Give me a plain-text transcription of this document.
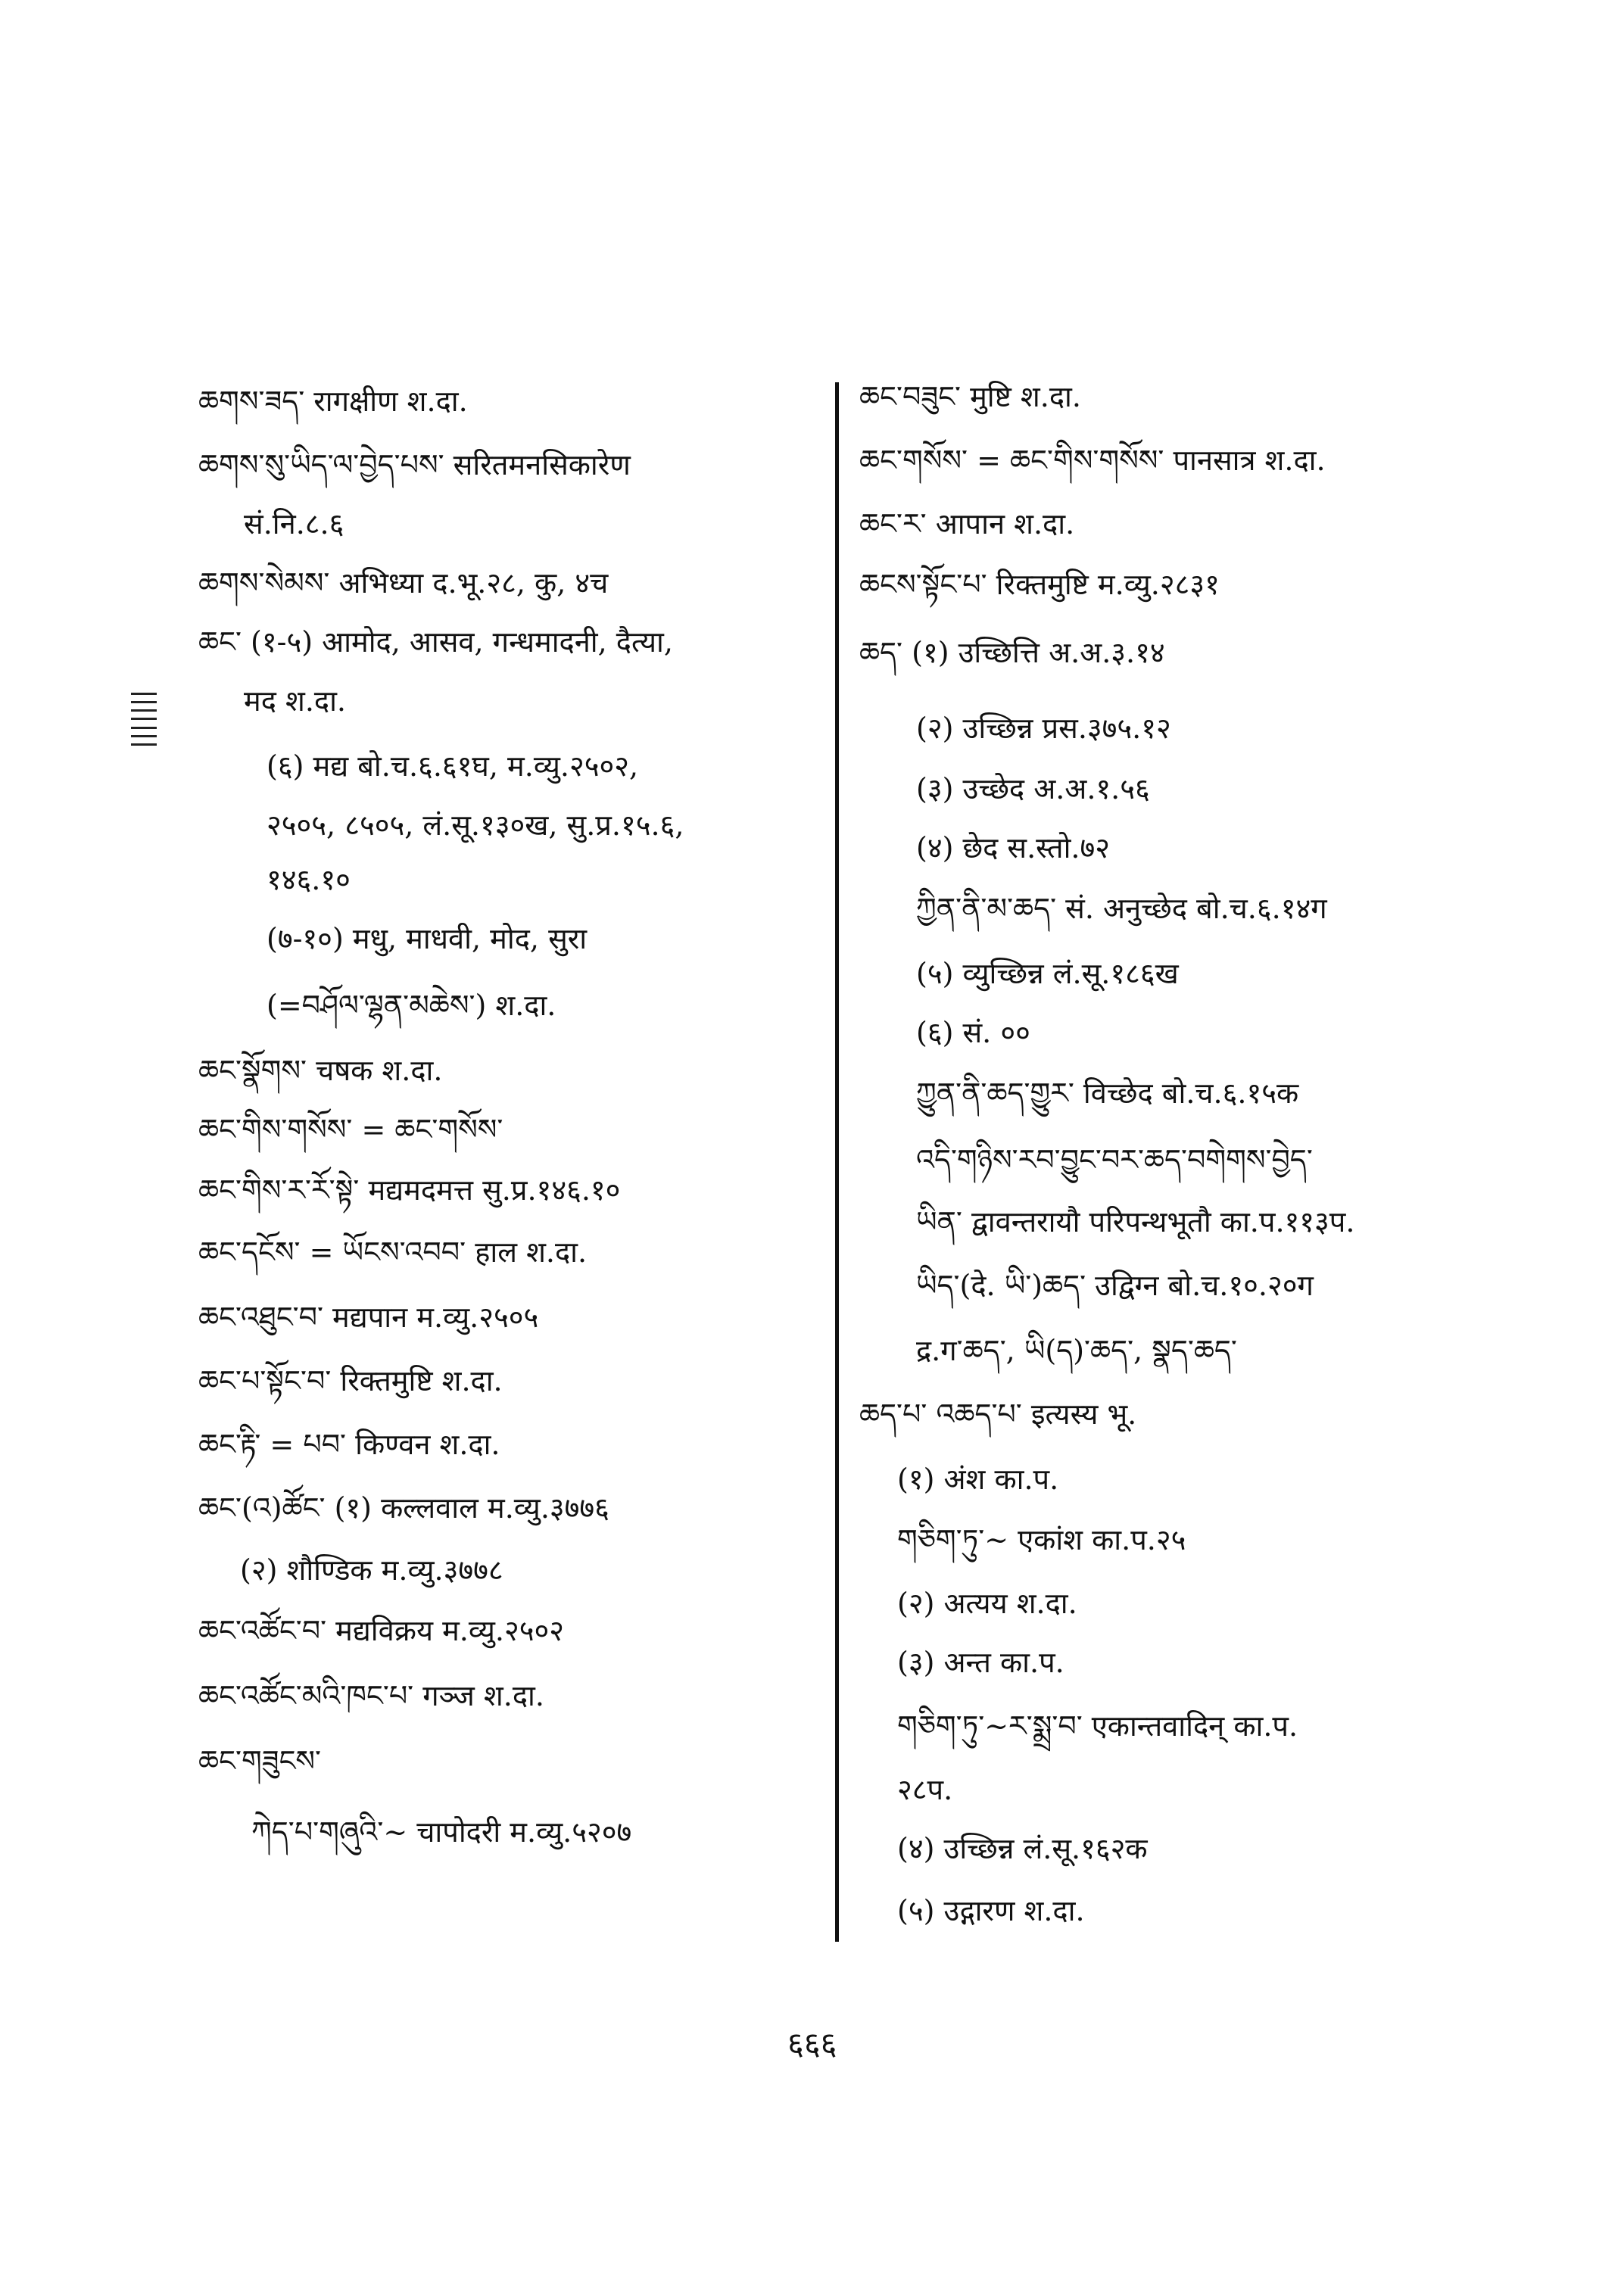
ཆགས་ཟད་ रागक्षीण श.दा.
ཆགས་སུ་ཡིད་ལ་བྱེད་པས་ सरितमनसिकारेण
सं.नि.८.६
ཆགས་སེམས་ अभिध्या द.भू.२८, कु, ४च
ཆང་ (१-५) आमोद, आसव, गन्धमादनी, दैत्या,
मद श.दा.
(६) मद्य बो.च.६.६१घ, म.व्यु.२५०२,
२५०५, ८५०५, लं.सू.१३०ख, सु.प्र.१५.६,
१४६.१०
(७-१०) मधु, माधवी, मोद, सुरा
(=བཤོལ་ལྷན་མཆེས་) श.दा.
ཆང་སྣོགས་ चषक श.दा.
ཆང་གིས་གསོས་ = ཆང་གསོས་
ཆང་གིས་ར་རོ་སྟེ་ मद्यमदमत्त सु.प्र.१४६.१०
ཆང་དངོས་ = ཡོངས་འབབ་ हाल श.दा.
ཆང་འཐུང་བ་ मद्यपान म.व्यु.२५०५
ཆང་པ་སྟོང་བ་ रिक्तमुष्टि श.दा.
ཆང་རྟི་ = པབ་ किण्वन श.दा.
ཆང་(འ)ཚོང་ (१) कल्लवाल म.व्यु.३७७६
(२) शौण्डिक म.व्यु.३७७८
ཆང་འཚོང་བ་ मद्यविक्रय म.व्यु.२५०२
ཆང་འཚོང་མའི་ཁང་པ་ गञ्ज श.दा.
ཆང་གཟུངས་
ཀེད་པ་གཞུའི་~ चापोदरी म.व्यु.५२०७
ཆང་བཟུང་ मुष्टि श.दा.
ཆང་གསོས་ = ཆང་གིས་གསོས་ पानसात्र श.दा.
ཆང་ར་ आपान श.दा.
ཆངས་སྟོང་པ་ रिक्तमुष्टि म.व्यु.२८३१
ཆད་ (१) उच्छित्ति अ.अ.३.१४
(२) उच्छिन्न प्रस.३७५.१२
(३) उच्छेद अ.अ.१.५६
(४) छेद स.स्तो.७२
ཀྱིན་ནི་མ་ཆད་ सं. अनुच्छेद बो.च.६.१४ग
(५) व्युच्छिन्न लं.सू.१८६ख
(६) सं. ००
ཀྱུན་ནི་ཆད་གྱུར་ विच्छेद बो.च.६.१५क
འདི་གཉིས་རབ་བྱུང་བར་ཆད་བགེགས་བྱེད་
ཡིན་ द्वावन्तरायौ परिपन्थभूतौ का.प.११३प.
ཡིད་(दे. ཡི་)ཆད་ उद्विग्न बो.च.१०.२०ग
द्र.ग་ཆད་, ཡི(ད)་ཆད་, སྣད་ཆད་
ཆད་པ་ འཆད་པ་ इत्यस्य भू.
(१) अंश का.प.
གཅིག་ཏུ་~ एकांश का.प.२५
(२) अत्यय श.दा.
(३) अन्त का.प.
གཅིག་ཏུ་~ར་སྨྲ་བ་ एकान्तवादिन् का.प.
२८प.
(४) उच्छिन्न लं.सू.१६२क
(५) उद्गारण श.दा.
६६६
